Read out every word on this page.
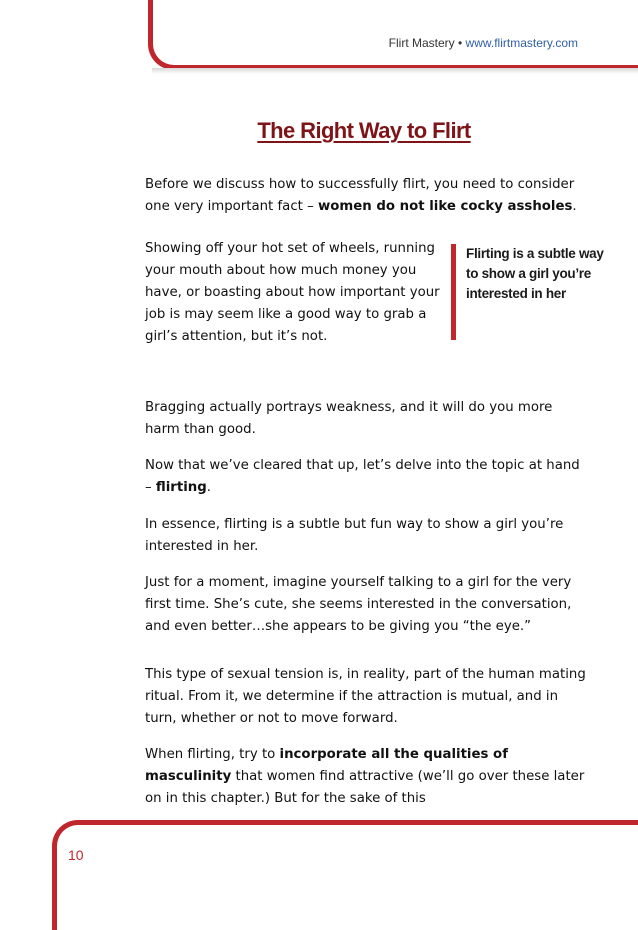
Flirt Mastery • www.flirtmastery.com
The Right Way to Flirt

Before we discuss how to successfully flirt, you need to consider one very important fact – women do not like cocky assholes.

Showing off your hot set of wheels, running your mouth about how much money you have, or boasting about how important your job is may seem like a good way to grab a girl’s attention, but it’s not.

Flirting is a subtle way to show a girl you’re interested in her

Bragging actually portrays weakness, and it will do you more harm than good.

Now that we’ve cleared that up, let’s delve into the topic at hand – flirting.

In essence, flirting is a subtle but fun way to show a girl you’re interested in her.

Just for a moment, imagine yourself talking to a girl for the very first time. She’s cute, she seems interested in the conversation, and even better…she appears to be giving you “the eye.”

This type of sexual tension is, in reality, part of the human mating ritual. From it, we determine if the attraction is mutual, and in turn, whether or not to move forward.

When flirting, try to incorporate all the qualities of masculinity that women find attractive (we’ll go over these later on in this chapter.) But for the sake of this

10
